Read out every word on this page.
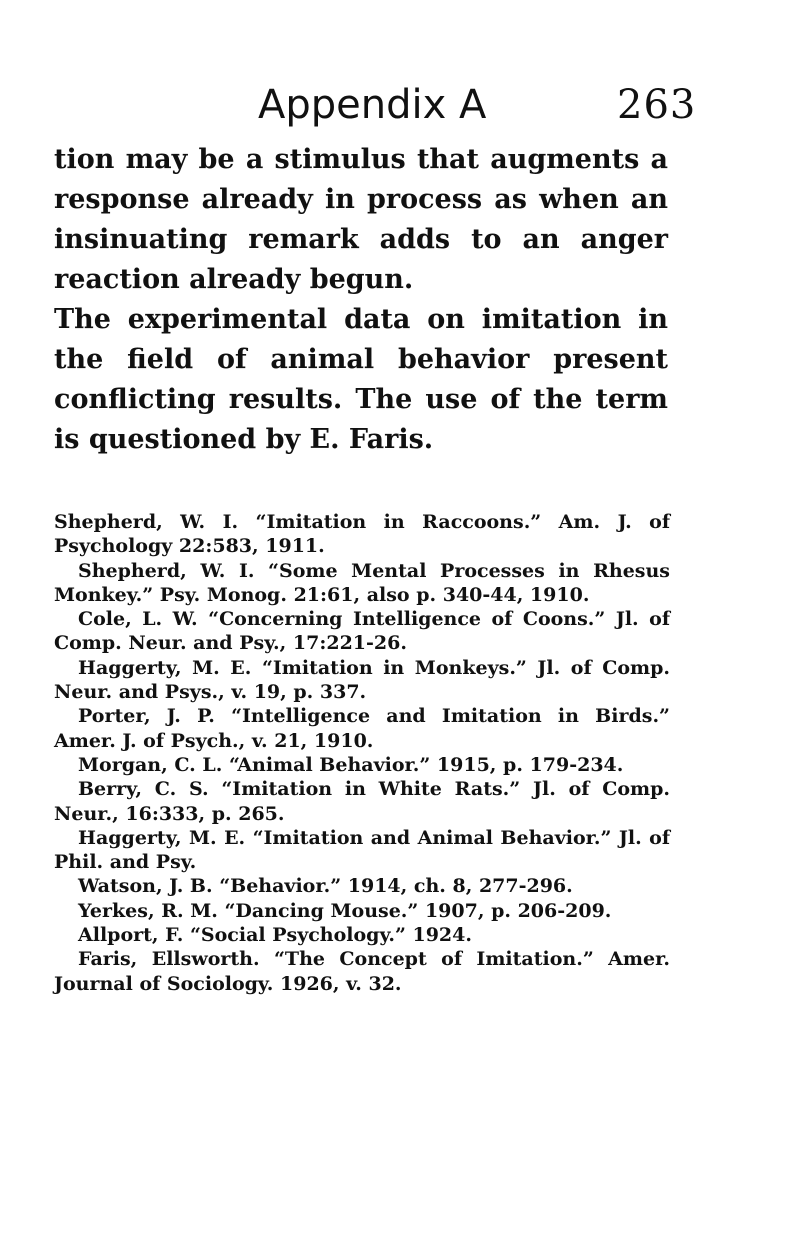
Appendix A	263

tion may be a stimulus that augments a response already in process as when an insinuating remark adds to an anger reaction already begun.

The experimental data on imitation in the field of animal behavior present conflicting results. The use of the term is questioned by E. Faris.

Shepherd, W. I. “Imitation in Raccoons.” Am. J. of Psychology 22:583, 1911.

Shepherd, W. I. “Some Mental Processes in Rhesus Monkey.” Psy. Monog. 21:61, also p. 340-44, 1910.

Cole, L. W. “Concerning Intelligence of Coons.” Jl. of Comp. Neur. and Psy., 17:221-26.

Haggerty, M. E. “Imitation in Monkeys.” Jl. of Comp. Neur. and Psys., v. 19, p. 337.

Porter, J. P. “Intelligence and Imitation in Birds.” Amer. J. of Psych., v. 21, 1910.

Morgan, C. L. “Animal Behavior.” 1915, p. 179-234.

Berry, C. S. “Imitation in White Rats.” Jl. of Comp. Neur., 16:333, p. 265.

Haggerty, M. E. “Imitation and Animal Behavior.” Jl. of Phil. and Psy.

Watson, J. B. “Behavior.” 1914, ch. 8, 277-296.

Yerkes, R. M. “Dancing Mouse.” 1907, p. 206-209.

Allport, F. “Social Psychology.” 1924.

Faris, Ellsworth. “The Concept of Imitation.” Amer. Journal of Sociology. 1926, v. 32.
